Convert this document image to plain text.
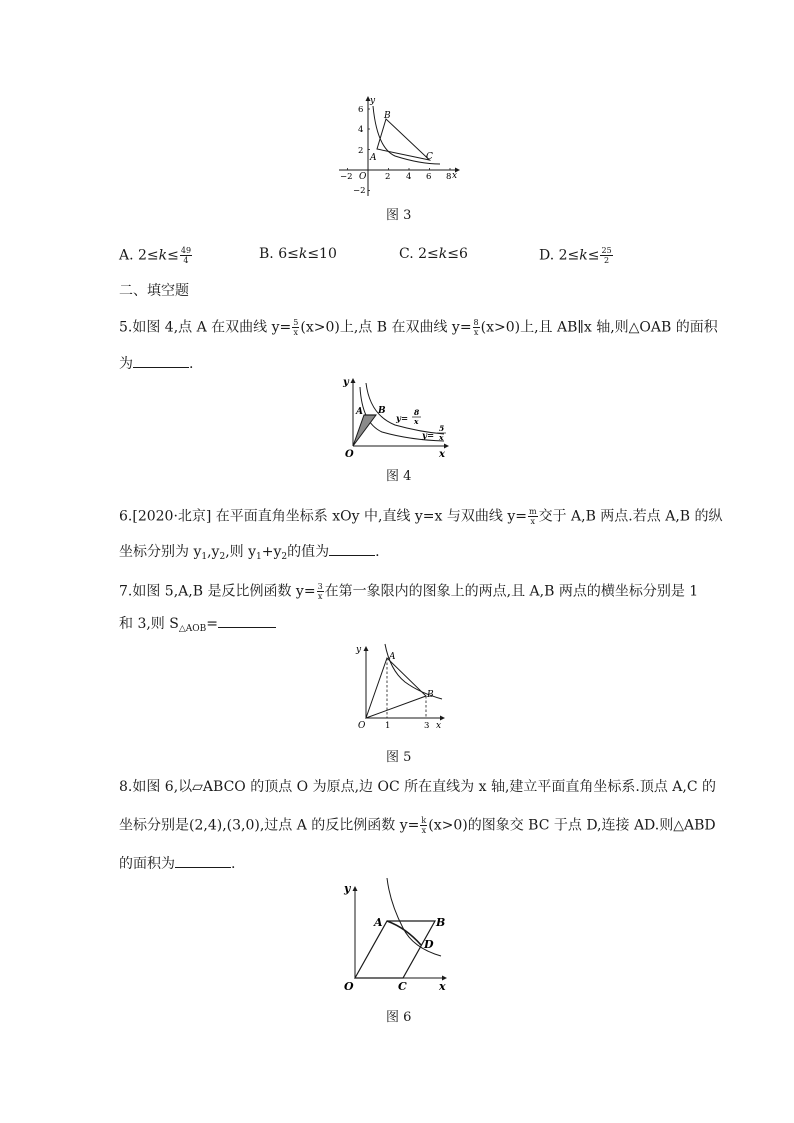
y
x
O
A
B
C
−2	2 4 6 8
6
4
2
−2
图 3
A. $2\le k\le \frac{49}{4}$	B. 6≤k≤10	C. 2≤k≤6	D. $2\le k\le \frac{25}{2}$
二、填空题
5.如图 4,点 A 在双曲线 $y= \frac{5}{x} (x>0)$上,点 B 在双曲线 $y= \frac{8}{x} (x>0)$上,且 AB∥x 轴,则△OAB 的面积
为	.
y
x
O
A B
y=
8
x
y=
5
x
图 4
6.[2020·北京] 在平面直角坐标系 xOy 中,直线 y=x 与双曲线 $y= \frac{m}{x}$ 交于 A,B 两点.若点 A,B 的纵
坐标分别为 $y_1,y_2$,则 $y_1+y_2$的值为	.
7.如图 5,A,B 是反比例函数 $y= \frac{3}{x}$ 在第一象限内的图象上的两点,且 A,B 两点的横坐标分别是 1
和 3,则 $S_{\triangle AOB}=$
y
x
O
A
B
1	3
图 5
8.如图 6,以▱ABCO 的顶点 O 为原点,边 OC 所在直线为 x 轴,建立平面直角坐标系.顶点 A,C 的
坐标分别是(2,4),(3,0),过点 A 的反比例函数 $y= \frac{k}{x} (x>0)$的图象交 BC 于点 D,连接 AD.则△ABD
的面积为	.
y
x
O
A	B
C
D
图 6
